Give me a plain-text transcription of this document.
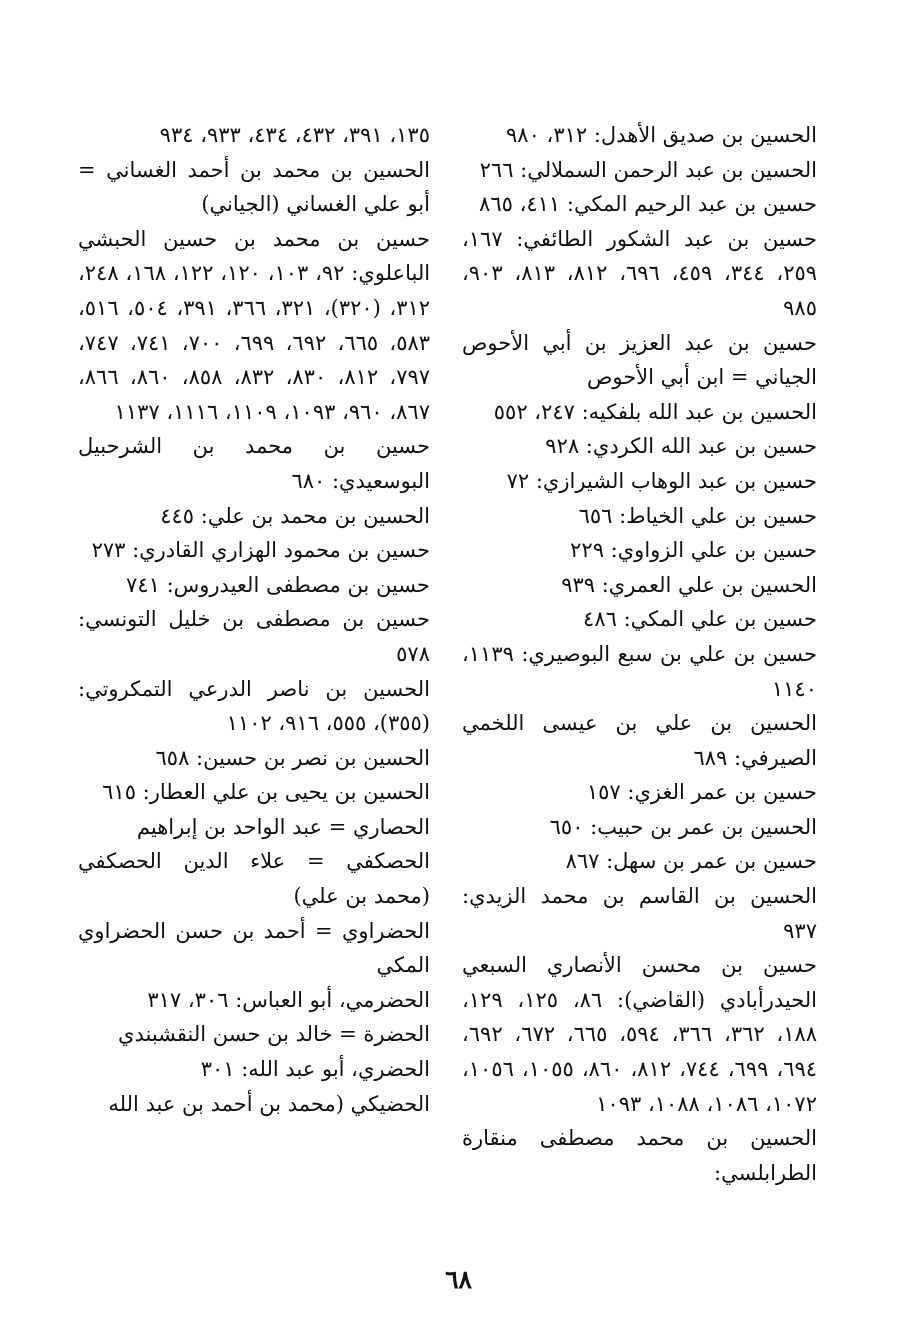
الحسين بن صديق الأهدل: ٣١٢، ٩٨٠

الحسين بن عبد الرحمن السملالي: ٢٦٦

حسين بن عبد الرحيم المكي: ٤١١، ٨٦٥

حسين بن عبد الشكور الطائفي: ١٦٧، ٢٥٩، ٣٤٤، ٤٥٩، ٦٩٦، ٨١٢، ٨١٣، ٩٠٣، ٩٨٥

حسين بن عبد العزيز بن أبي الأحوص الجياني = ابن أبي الأحوص

الحسين بن عبد الله بلفكيه: ٢٤٧، ٥٥٢

حسين بن عبد الله الكردي: ٩٢٨

حسين بن عبد الوهاب الشيرازي: ٧٢

حسين بن علي الخياط: ٦٥٦

حسين بن علي الزواوي: ٢٢٩

الحسين بن علي العمري: ٩٣٩

حسين بن علي المكي: ٤٨٦

حسين بن علي بن سبع البوصيري: ١١٣٩، ١١٤٠

الحسين بن علي بن عيسى اللخمي الصيرفي: ٦٨٩

حسين بن عمر الغزي: ١٥٧

الحسين بن عمر بن حبيب: ٦٥٠

حسين بن عمر بن سهل: ٨٦٧

الحسين بن القاسم بن محمد الزيدي: ٩٣٧

حسين بن محسن الأنصاري السبعي الحيدرأبادي (القاضي): ٨٦، ١٢٥، ١٢٩، ١٨٨، ٣٦٢، ٣٦٦، ٥٩٤، ٦٦٥، ٦٧٢، ٦٩٢، ٦٩٤، ٦٩٩، ٧٤٤، ٨١٢، ٨٦٠، ١٠٥٥، ١٠٥٦، ١٠٧٢، ١٠٨٦، ١٠٨٨، ١٠٩٣

الحسين بن محمد مصطفى منقارة الطرابلسي:

١٣٥، ٣٩١، ٤٣٢، ٤٣٤، ٩٣٣، ٩٣٤

الحسين بن محمد بن أحمد الغساني = أبو علي الغساني (الجياني)

حسين بن محمد بن حسين الحبشي الباعلوي: ٩٢، ١٠٣، ١٢٠، ١٢٢، ١٦٨، ٢٤٨، ٣١٢، (٣٢٠)، ٣٢١، ٣٦٦، ٣٩١، ٥٠٤، ٥١٦، ٥٨٣، ٦٦٥، ٦٩٢، ٦٩٩، ٧٠٠، ٧٤١، ٧٤٧، ٧٩٧، ٨١٢، ٨٣٠، ٨٣٢، ٨٥٨، ٨٦٠، ٨٦٦، ٨٦٧، ٩٦٠، ١٠٩٣، ١١٠٩، ١١١٦، ١١٣٧

حسين بن محمد بن الشرحبيل البوسعيدي: ٦٨٠

الحسين بن محمد بن علي: ٤٤٥

حسين بن محمود الهزاري القادري: ٢٧٣

حسين بن مصطفى العيدروس: ٧٤١

حسين بن مصطفى بن خليل التونسي: ٥٧٨

الحسين بن ناصر الدرعي التمكروتي: (٣٥٥)، ٥٥٥، ٩١٦، ١١٠٢

الحسين بن نصر بن حسين: ٦٥٨

الحسين بن يحيى بن علي العطار: ٦١٥

الحصاري = عبد الواحد بن إبراهيم

الحصكفي = علاء الدين الحصكفي (محمد بن علي)

الحضراوي = أحمد بن حسن الحضراوي المكي

الحضرمي، أبو العباس: ٣٠٦، ٣١٧

الحضرة = خالد بن حسن النقشبندي

الحضري، أبو عبد الله: ٣٠١

الحضيكي (محمد بن أحمد بن عبد الله

٦٨
